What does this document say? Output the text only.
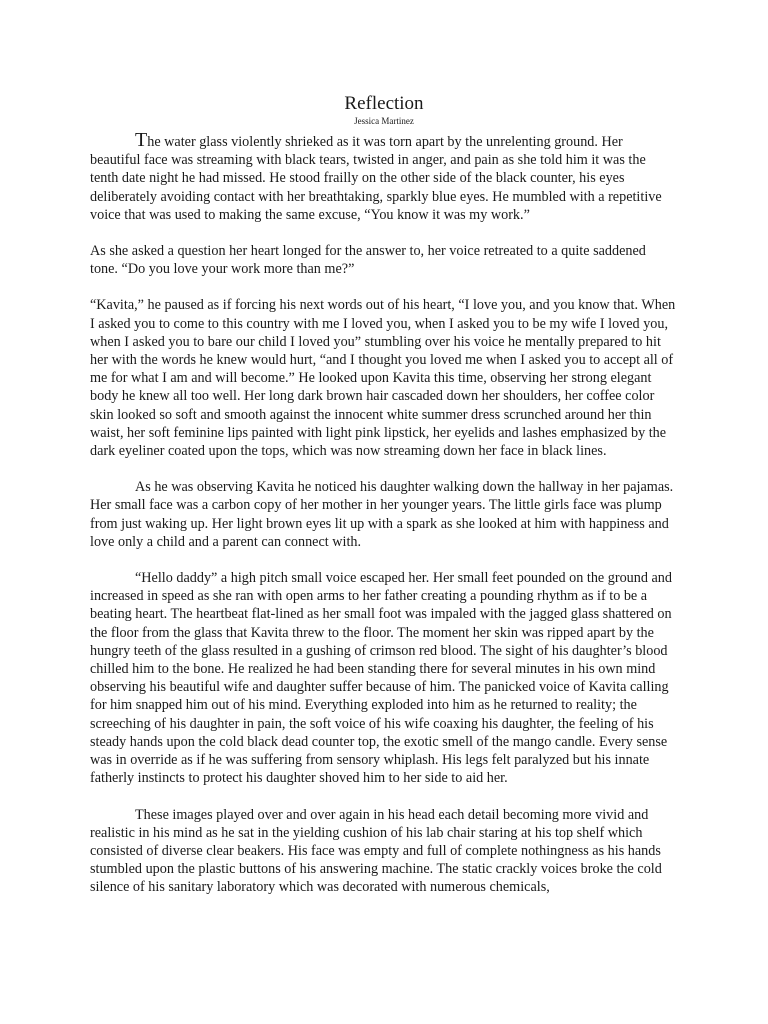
Reflection
Jessica Martinez

The water glass violently shrieked as it was torn apart by the unrelenting ground. Her beautiful face was streaming with black tears, twisted in anger, and pain as she told him it was the tenth date night he had missed. He stood frailly on the other side of the black counter, his eyes deliberately avoiding contact with her breathtaking, sparkly blue eyes. He mumbled with a repetitive voice that was used to making the same excuse, “You know it was my work.”

As she asked a question her heart longed for the answer to, her voice retreated to a quite saddened tone. “Do you love your work more than me?”

“Kavita,” he paused as if forcing his next words out of his heart, “I love you, and you know that. When I asked you to come to this country with me I loved you, when I asked you to be my wife I loved you, when I asked you to bare our child I loved you” stumbling over his voice he mentally prepared to hit her with the words he knew would hurt, “and I thought you loved me when I asked you to accept all of me for what I am and will become.” He looked upon Kavita this time, observing her strong elegant body he knew all too well. Her long dark brown hair cascaded down her shoulders, her coffee color skin looked so soft and smooth against the innocent white summer dress scrunched around her thin waist, her soft feminine lips painted with light pink lipstick, her eyelids and lashes emphasized by the dark eyeliner coated upon the tops, which was now streaming down her face in black lines.

As he was observing Kavita he noticed his daughter walking down the hallway in her pajamas. Her small face was a carbon copy of her mother in her younger years. The little girls face was plump from just waking up. Her light brown eyes lit up with a spark as she looked at him with happiness and love only a child and a parent can connect with.

“Hello daddy” a high pitch small voice escaped her. Her small feet pounded on the ground and increased in speed as she ran with open arms to her father creating a pounding rhythm as if to be a beating heart. The heartbeat flat-lined as her small foot was impaled with the jagged glass shattered on the floor from the glass that Kavita threw to the floor. The moment her skin was ripped apart by the hungry teeth of the glass resulted in a gushing of crimson red blood. The sight of his daughter’s blood chilled him to the bone. He realized he had been standing there for several minutes in his own mind observing his beautiful wife and daughter suffer because of him. The panicked voice of Kavita calling for him snapped him out of his mind. Everything exploded into him as he returned to reality; the screeching of his daughter in pain, the soft voice of his wife coaxing his daughter, the feeling of his steady hands upon the cold black dead counter top, the exotic smell of the mango candle. Every sense was in override as if he was suffering from sensory whiplash. His legs felt paralyzed but his innate fatherly instincts to protect his daughter shoved him to her side to aid her.

These images played over and over again in his head each detail becoming more vivid and realistic in his mind as he sat in the yielding cushion of his lab chair staring at his top shelf which consisted of diverse clear beakers. His face was empty and full of complete nothingness as his hands stumbled upon the plastic buttons of his answering machine. The static crackly voices broke the cold silence of his sanitary laboratory which was decorated with numerous chemicals,
